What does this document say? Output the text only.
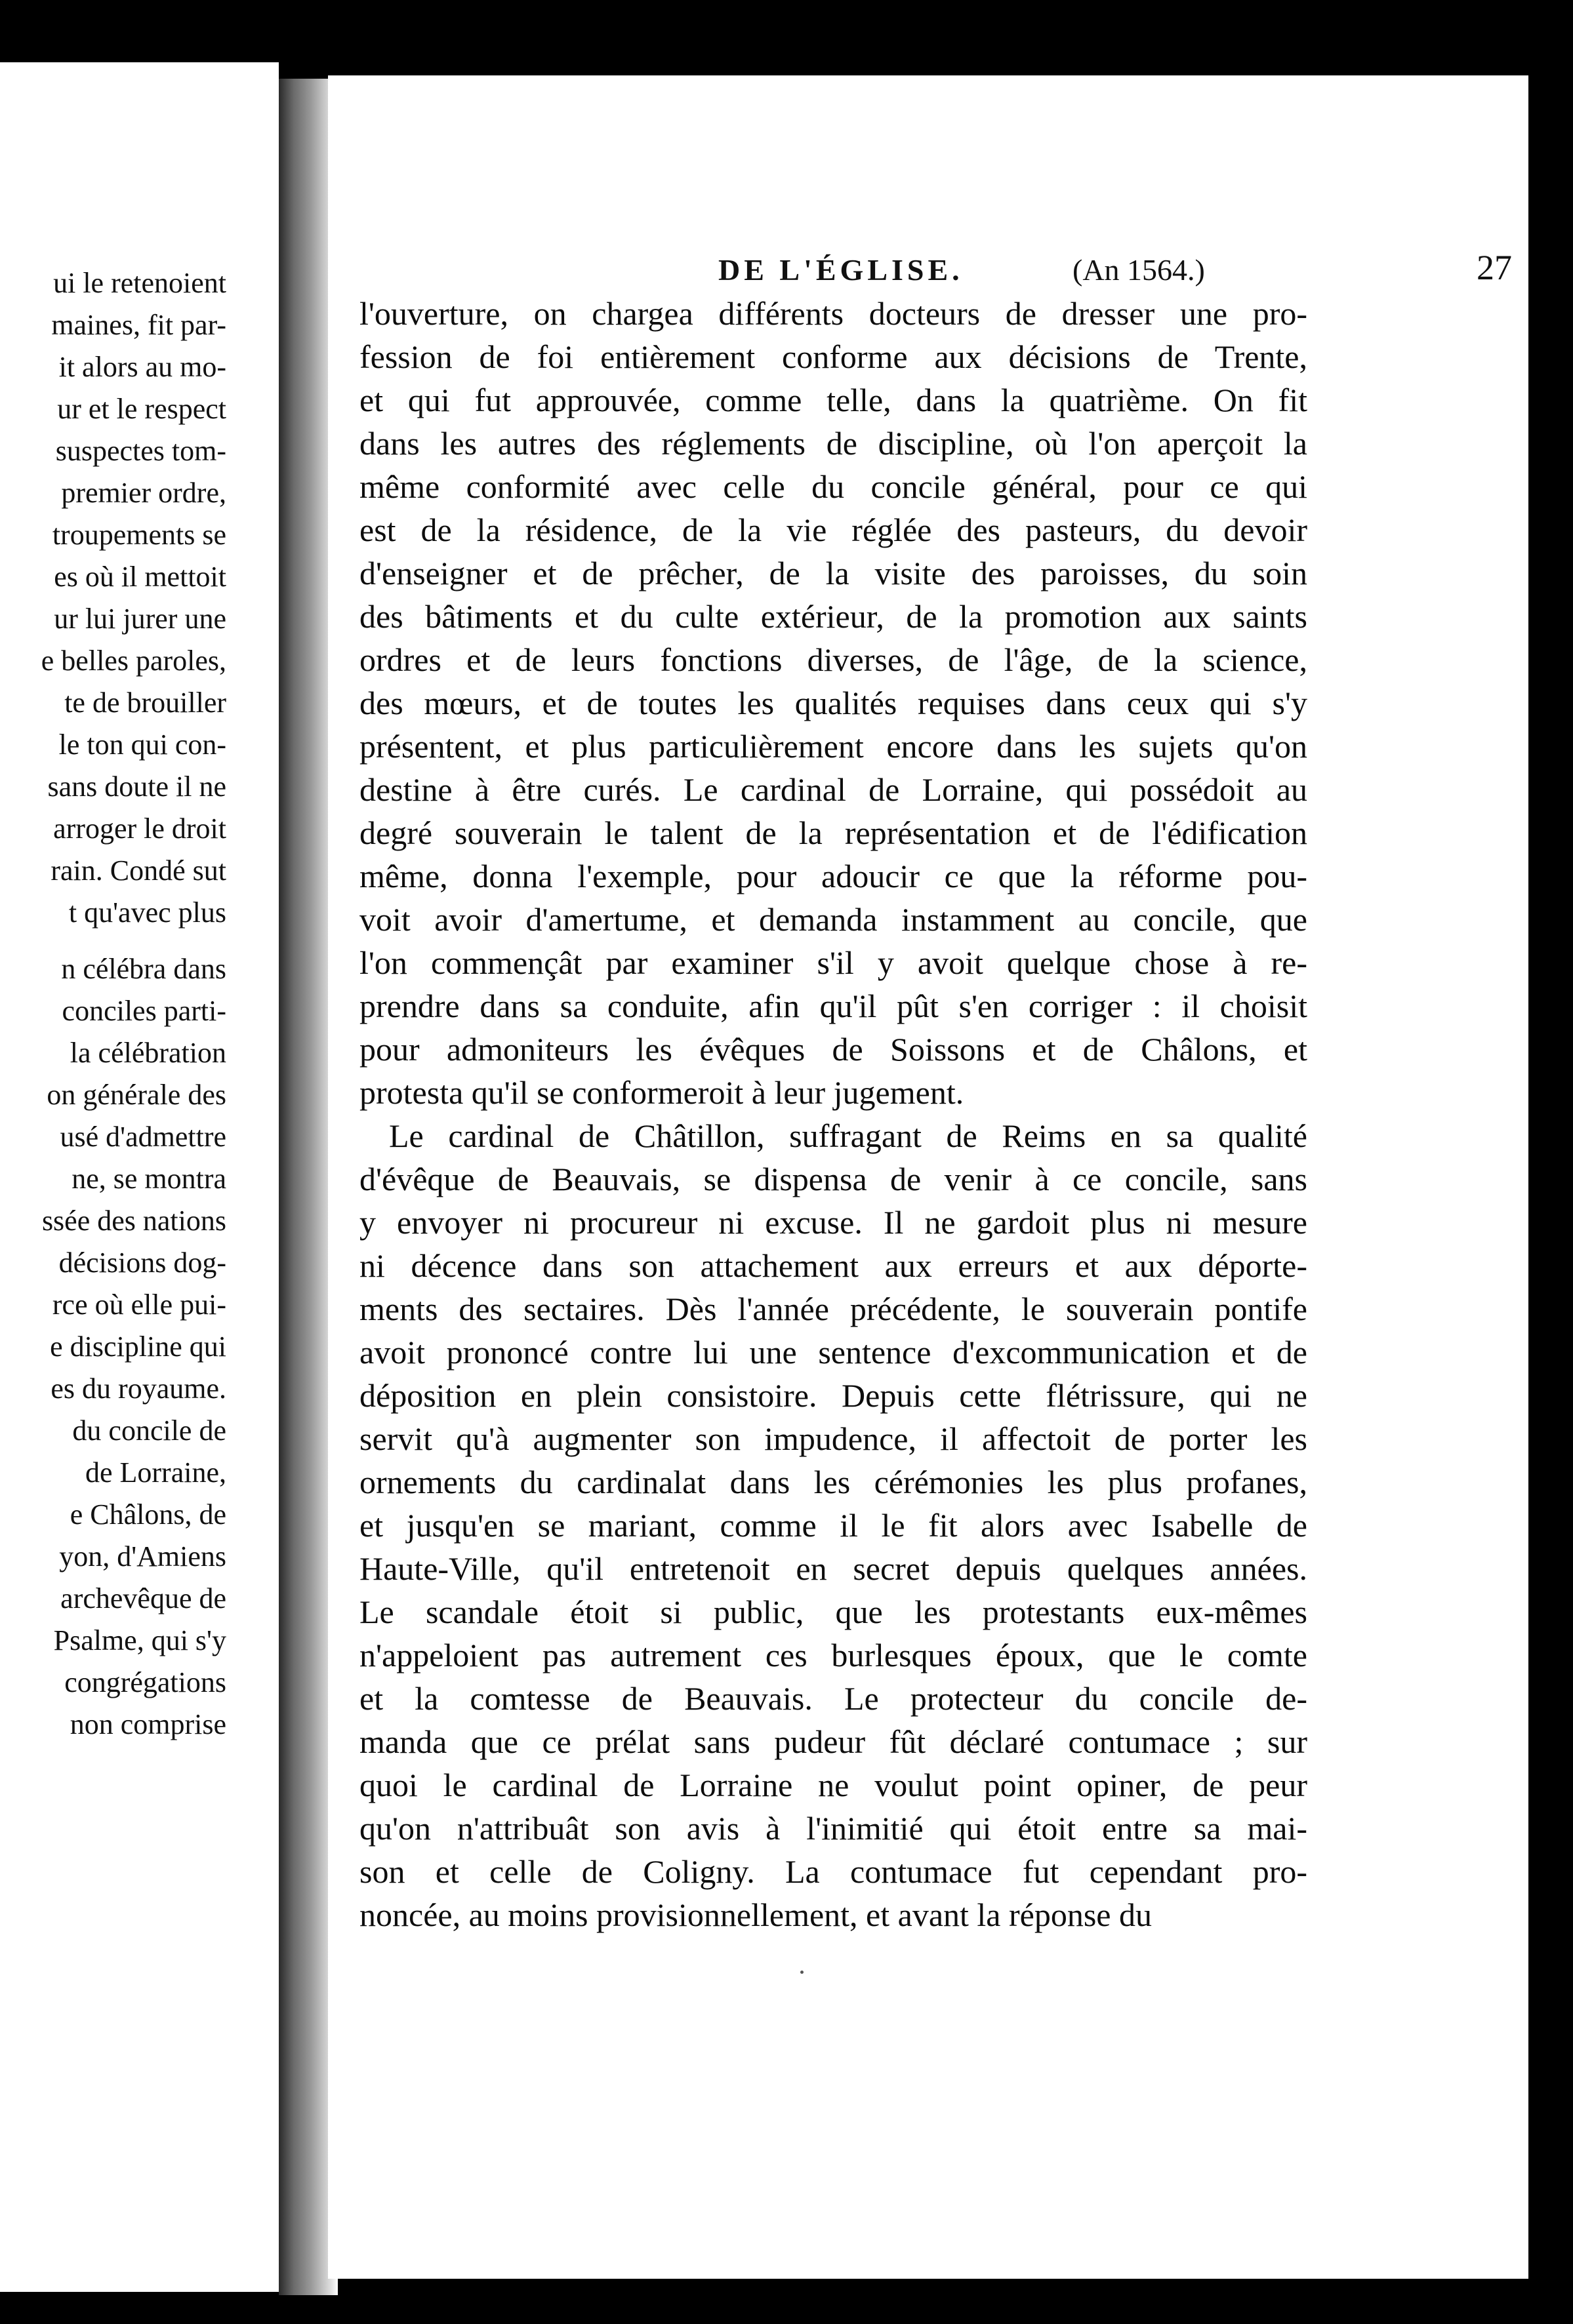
ui le retenoient
maines, fit par-
it alors au mo-
ur et le respect
suspectes tom-
premier ordre,
troupements se
es où il mettoit
ur lui jurer une
e belles paroles,
te de brouiller
le ton qui con-
sans doute il ne
arroger le droit
rain. Condé sut
t qu'avec plus
n célébra dans
conciles parti-
la célébration
on générale des
usé d'admettre
ne, se montra
ssée des nations
décisions dog-
rce où elle pui-
e discipline qui
es du royaume.
du concile de
de Lorraine,
e Châlons, de
yon, d'Amiens
archevêque de
Psalme, qui s'y
congrégations
non comprise
DE L'ÉGLISE.	(An 1564.)	27
l'ouverture, on chargea différents docteurs de dresser une pro-
fession de foi entièrement conforme aux décisions de Trente,
et qui fut approuvée, comme telle, dans la quatrième. On fit
dans les autres des réglements de discipline, où l'on aperçoit la
même conformité avec celle du concile général, pour ce qui
est de la résidence, de la vie réglée des pasteurs, du devoir
d'enseigner et de prêcher, de la visite des paroisses, du soin
des bâtiments et du culte extérieur, de la promotion aux saints
ordres et de leurs fonctions diverses, de l'âge, de la science,
des mœurs, et de toutes les qualités requises dans ceux qui s'y
présentent, et plus particulièrement encore dans les sujets qu'on
destine à être curés. Le cardinal de Lorraine, qui possédoit au
degré souverain le talent de la représentation et de l'édification
même, donna l'exemple, pour adoucir ce que la réforme pou-
voit avoir d'amertume, et demanda instamment au concile, que
l'on commençât par examiner s'il y avoit quelque chose à re-
prendre dans sa conduite, afin qu'il pût s'en corriger : il choisit
pour admoniteurs les évêques de Soissons et de Châlons, et
protesta qu'il se conformeroit à leur jugement.
Le cardinal de Châtillon, suffragant de Reims en sa qualité
d'évêque de Beauvais, se dispensa de venir à ce concile, sans
y envoyer ni procureur ni excuse. Il ne gardoit plus ni mesure
ni décence dans son attachement aux erreurs et aux déporte-
ments des sectaires. Dès l'année précédente, le souverain pontife
avoit prononcé contre lui une sentence d'excommunication et de
déposition en plein consistoire. Depuis cette flétrissure, qui ne
servit qu'à augmenter son impudence, il affectoit de porter les
ornements du cardinalat dans les cérémonies les plus profanes,
et jusqu'en se mariant, comme il le fit alors avec Isabelle de
Haute-Ville, qu'il entretenoit en secret depuis quelques années.
Le scandale étoit si public, que les protestants eux-mêmes
n'appeloient pas autrement ces burlesques époux, que le comte
et la comtesse de Beauvais. Le protecteur du concile de-
manda que ce prélat sans pudeur fût déclaré contumace ; sur
quoi le cardinal de Lorraine ne voulut point opiner, de peur
qu'on n'attribuât son avis à l'inimitié qui étoit entre sa mai-
son et celle de Coligny. La contumace fut cependant pro-
noncée, au moins provisionnellement, et avant la réponse du
